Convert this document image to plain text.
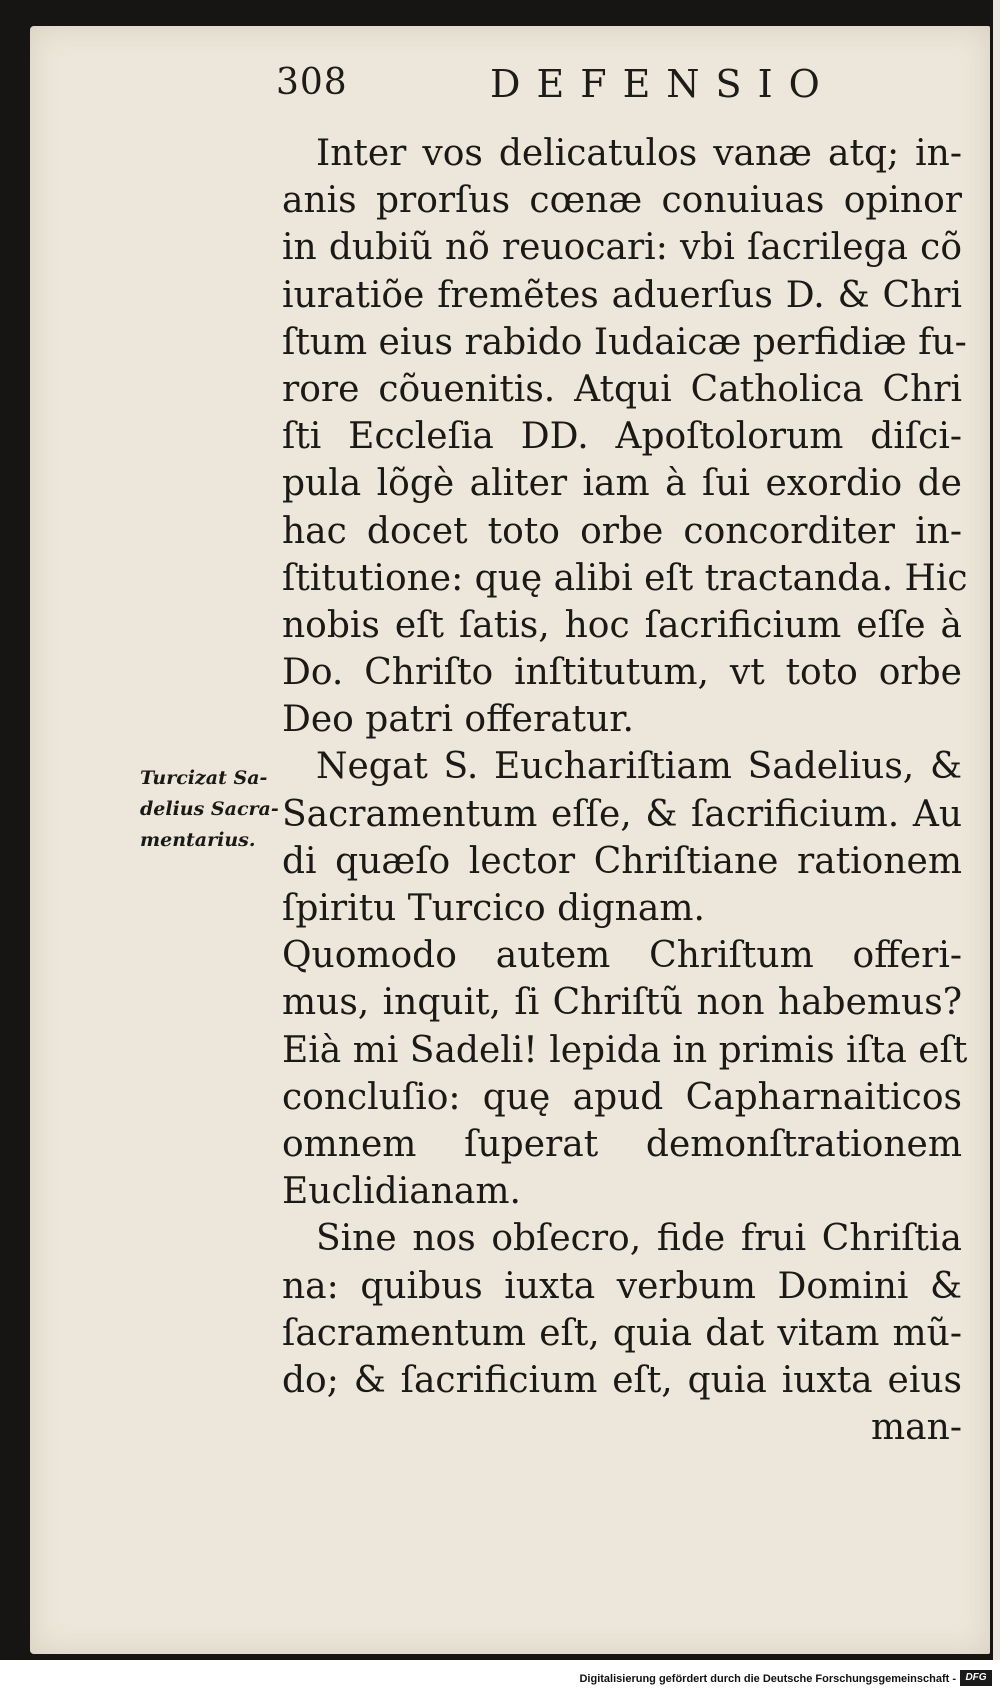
308	DEFENSIO
Turcizat Sa-
delius Sacra-
mentarius.
Inter vos delicatulos vanæ atq; in-
anis prorſus cœnæ conuiuas opinor
in dubiũ nõ reuocari: vbi ſacrilega cõ
iuratiõe fremẽtes aduerſus D. & Chri
ſtum eius rabido Iudaicæ perfidiæ fu-
rore cõuenitis. Atqui Catholica Chri
ſti Eccleſia DD. Apoſtolorum diſci-
pula lõgè aliter iam à ſui exordio de
hac docet toto orbe concorditer in-
ſtitutione: quę alibi eſt tractanda. Hic
nobis eſt ſatis, hoc ſacrificium eſſe à
Do. Chriſto inſtitutum, vt toto orbe
Deo patri offeratur.
Negat S. Euchariſtiam Sadelius, &
Sacramentum eſſe, & ſacrificium. Au
di quæſo lector Chriſtiane rationem
ſpiritu Turcico dignam.
Quomodo autem Chriſtum offeri-
mus, inquit, ſi Chriſtũ non habemus?
Eià mi Sadeli! lepida in primis iſta eſt
concluſio: quę apud Capharnaiticos
omnem ſuperat demonſtrationem
Euclidianam.
Sine nos obſecro, fide frui Chriſtia
na: quibus iuxta verbum Domini &
ſacramentum eſt, quia dat vitam mũ-
do; & ſacrificium eſt, quia iuxta eius
man-
Digitalisierung gefördert durch die Deutsche Forschungsgemeinschaft - DFG
